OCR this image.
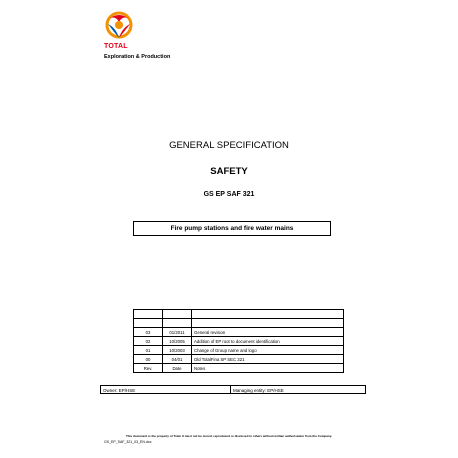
TOTAL
Exploration & Production
GENERAL SPECIFICATION
SAFETY
GS EP SAF 321
Fire pump stations and fire water mains

03	01/2011	General revision
02	10/2005	Addition of EP root to document identification
01	10/2003	Change of Group name and logo
00	04/01	Old TotalFina SP SEC 321
Rev.	Date	Notes
Owner: EP/HSE	Managing entity: EP/HSE
This document is the property of Total. It must not be stored, reproduced or disclosed to others without written authorisation from the Company.
GS_EP_SAF_321_03_EN.doc
